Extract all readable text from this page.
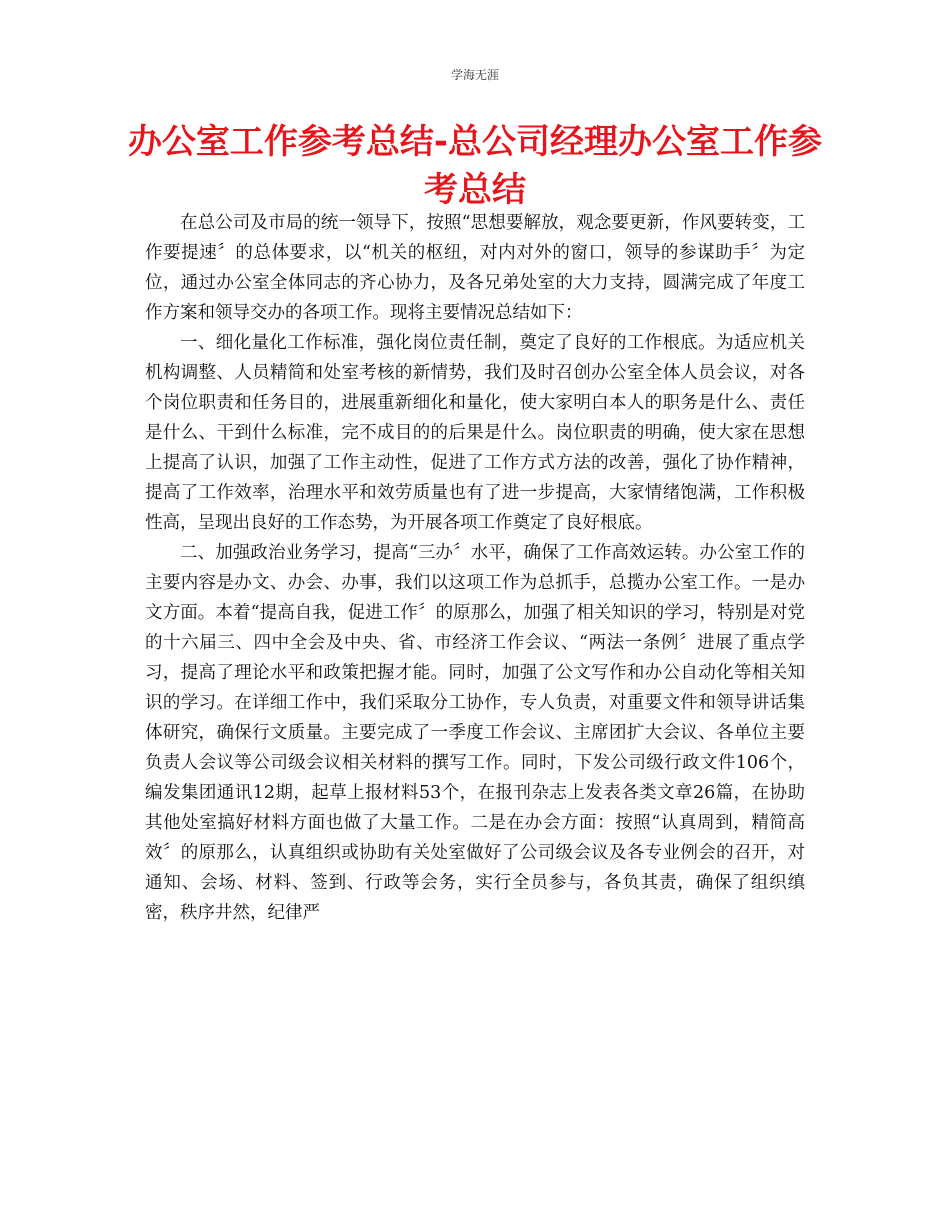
学海无涯
办公室工作参考总结-总公司经理办公室工作参考总结

在总公司及市局的统一领导下，按照“思想要解放，观念要更新，作风要转变，工作要提速〞的总体要求，以“机关的枢纽，对内对外的窗口，领导的参谋助手〞为定位，通过办公室全体同志的齐心协力，及各兄弟处室的大力支持，圆满完成了年度工作方案和领导交办的各项工作。现将主要情况总结如下：

一、细化量化工作标准，强化岗位责任制，奠定了良好的工作根底。为适应机关机构调整、人员精简和处室考核的新情势，我们及时召创办公室全体人员会议，对各个岗位职责和任务目的，进展重新细化和量化，使大家明白本人的职务是什么、责任是什么、干到什么标准，完不成目的的后果是什么。岗位职责的明确，使大家在思想上提高了认识，加强了工作主动性，促进了工作方式方法的改善，强化了协作精神，提高了工作效率，治理水平和效劳质量也有了进一步提高，大家情绪饱满，工作积极性高，呈现出良好的工作态势，为开展各项工作奠定了良好根底。

二、加强政治业务学习，提高“三办〞水平，确保了工作高效运转。办公室工作的主要内容是办文、办会、办事，我们以这项工作为总抓手，总揽办公室工作。一是办文方面。本着“提高自我，促进工作〞的原那么，加强了相关知识的学习，特别是对党的十六届三、四中全会及中央、省、市经济工作会议、“两法一条例〞进展了重点学习，提高了理论水平和政策把握才能。同时，加强了公文写作和办公自动化等相关知识的学习。在详细工作中，我们采取分工协作，专人负责，对重要文件和领导讲话集体研究，确保行文质量。主要完成了一季度工作会议、主席团扩大会议、各单位主要负责人会议等公司级会议相关材料的撰写工作。同时，下发公司级行政文件106个，编发集团通讯12期，起草上报材料53个，在报刊杂志上发表各类文章26篇，在协助其他处室搞好材料方面也做了大量工作。二是在办会方面：按照“认真周到，精简高效〞的原那么，认真组织或协助有关处室做好了公司级会议及各专业例会的召开，对通知、会场、材料、签到、行政等会务，实行全员参与，各负其责，确保了组织缜密，秩序井然，纪律严
